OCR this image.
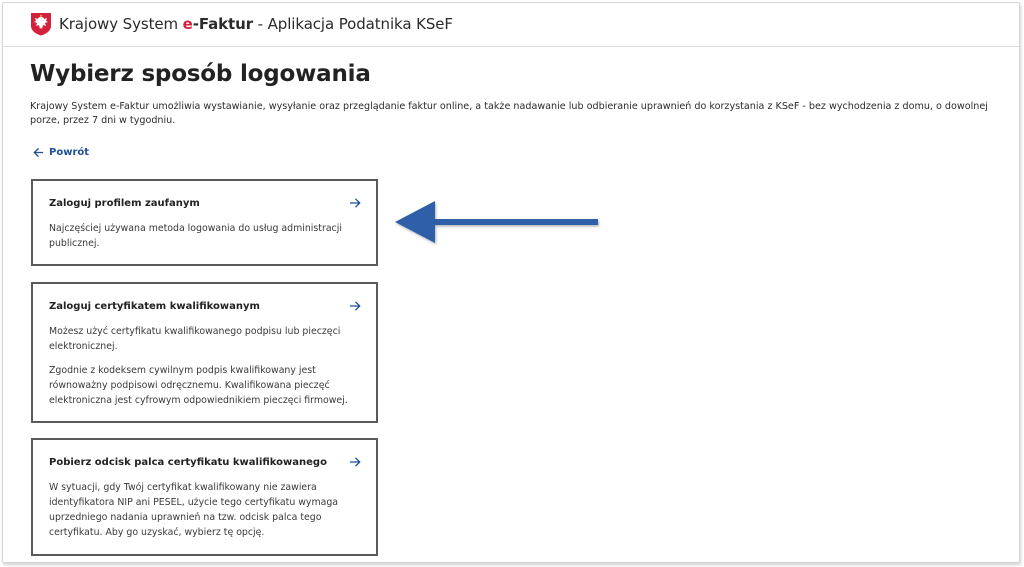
Krajowy System e-Faktur - Aplikacja Podatnika KSeF
Wybierz sposób logowania

Krajowy System e-Faktur umożliwia wystawianie, wysyłanie oraz przeglądanie faktur online, a także nadawanie lub odbieranie uprawnień do korzystania z KSeF - bez wychodzenia z domu, o dowolnej porze, przez 7 dni w tygodniu.

Powrót
Zaloguj profilem zaufanym

Najczęściej używana metoda logowania do usług administracji publicznej.

Zaloguj certyfikatem kwalifikowanym

Możesz użyć certyfikatu kwalifikowanego podpisu lub pieczęci elektronicznej.

Zgodnie z kodeksem cywilnym podpis kwalifikowany jest równoważny podpisowi odręcznemu. Kwalifikowana pieczęć elektroniczna jest cyfrowym odpowiednikiem pieczęci firmowej.

Pobierz odcisk palca certyfikatu kwalifikowanego

W sytuacji, gdy Twój certyfikat kwalifikowany nie zawiera identyfikatora NIP ani PESEL, użycie tego certyfikatu wymaga uprzedniego nadania uprawnień na tzw. odcisk palca tego certyfikatu. Aby go uzyskać, wybierz tę opcję.
